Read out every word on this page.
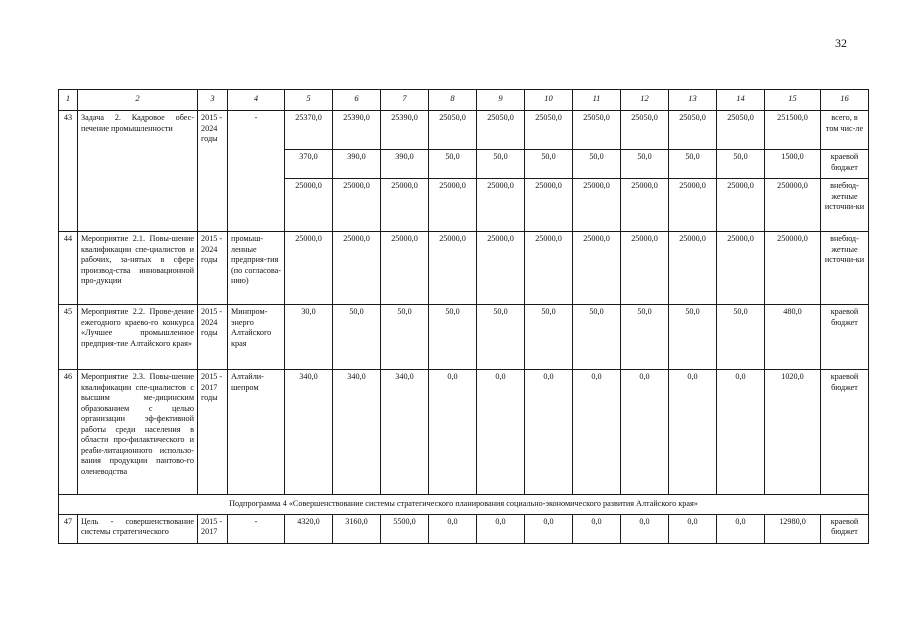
32
1	2	3	4	5	6	7	8	9	10	11	12	13	14	15	16
43	Задача 2. Кадровое обес-печение промышленности	2015 - 2024 годы	-	25370,0	25390,0	25390,0	25050,0	25050,0	25050,0	25050,0	25050,0	25050,0	25050,0	251500,0	всего, в том чис-ле
				370,0	390,0	390,0	50,0	50,0	50,0	50,0	50,0	50,0	50,0	1500,0	краевой бюджет
				25000,0	25000,0	25000,0	25000,0	25000,0	25000,0	25000,0	25000,0	25000,0	25000,0	250000,0	внебюд-жетные источни-ки
44	Мероприятие 2.1. Повы-шение квалификации спе-циалистов и рабочих, за-нятых в сфере производ-ства инновационной про-дукции	2015 - 2024 годы	промыш-ленные предприя-тия (по согласова-нию)	25000,0	25000,0	25000,0	25000,0	25000,0	25000,0	25000,0	25000,0	25000,0	25000,0	250000,0	внебюд-жетные источни-ки
45	Мероприятие 2.2. Прове-дение ежегодного краево-го конкурса «Лучшее промышленное предприя-тие Алтайского края»	2015 - 2024 годы	Минпром-энерго Алтайского края	30,0	50,0	50,0	50,0	50,0	50,0	50,0	50,0	50,0	50,0	480,0	краевой бюджет
46	Мероприятие 2.3. Повы-шение квалификации спе-циалистов с высшим ме-дицинским образованием с целью организации эф-фективной работы среди населения в области про-филактического и реаби-литационного использо-вания продукции пантово-го оленеводства	2015 - 2017 годы	Алтайли-шепром	340,0	340,0	340,0	0,0	0,0	0,0	0,0	0,0	0,0	0,0	1020,0	краевой бюджет
Подпрограмма 4 «Совершенствование системы стратегического планирования социально-экономического развития Алтайского края»															
47	Цель - совершенствование системы стратегического	2015 - 2017	-	4320,0	3160,0	5500,0	0,0	0,0	0,0	0,0	0,0	0,0	0,0	12980,0	краевой бюджет
